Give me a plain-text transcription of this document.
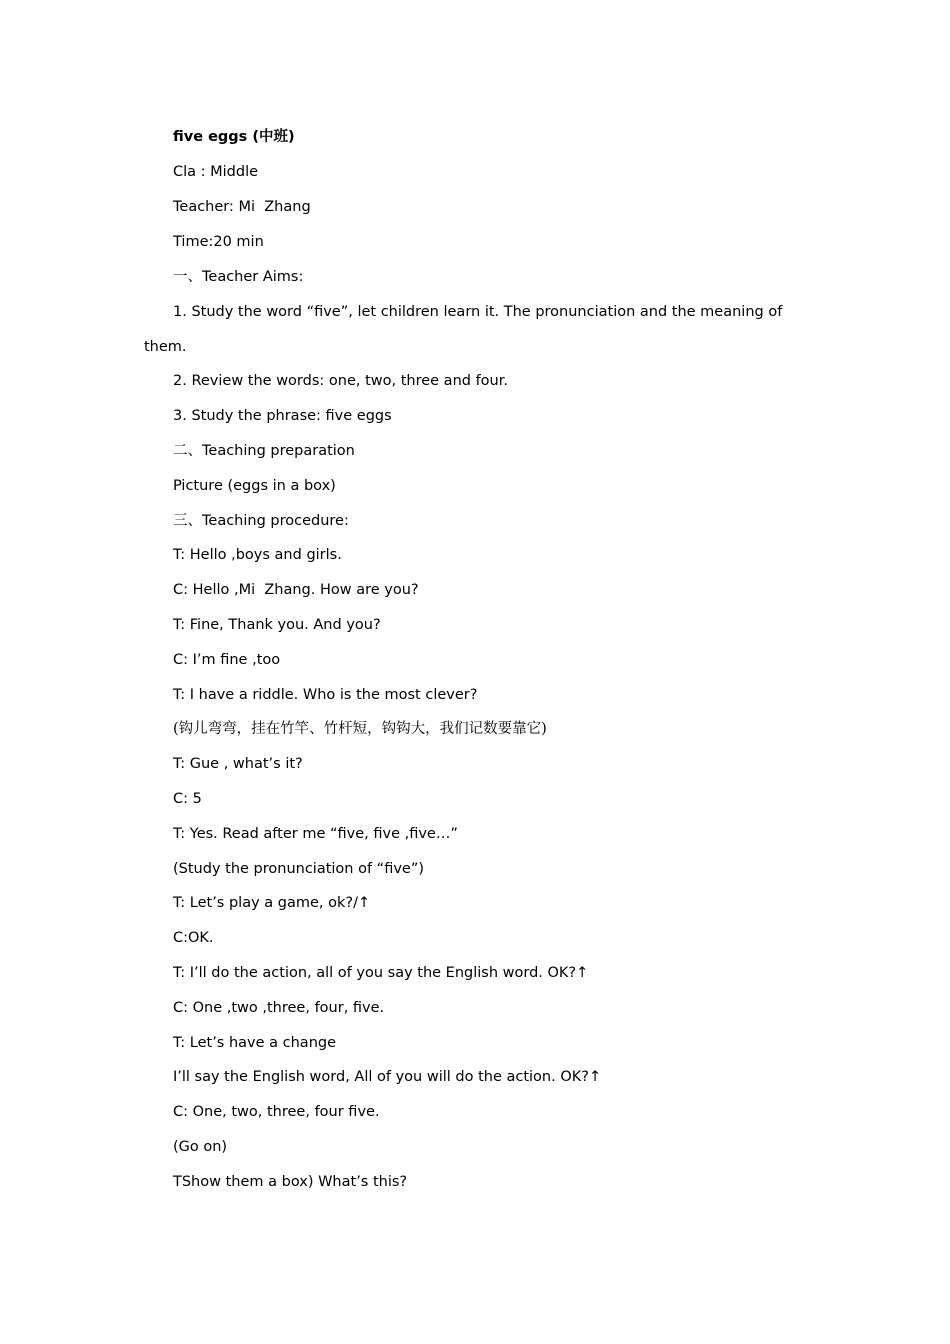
five eggs (中班)
Cla : Middle
Teacher: Mi  Zhang
Time:20 min
一、Teacher Aims:
1. Study the word “five”, let children learn it. The pronunciation and the meaning of
them.
2. Review the words: one, two, three and four.
3. Study the phrase: five eggs
二、Teaching preparation
Picture (eggs in a box)
三、Teaching procedure:
T: Hello ,boys and girls.
C: Hello ,Mi  Zhang. How are you?
T: Fine, Thank you. And you?
C: I’m fine ,too
T: I have a riddle. Who is the most clever?
(钩儿弯弯，挂在竹竿、竹杆短，钩钩大，我们记数要靠它)
T: Gue , what’s it?
C: 5
T: Yes. Read after me “five, five ,five…”
(Study the pronunciation of “five”)
T: Let’s play a game, ok?/↑
C:OK.
T: I’ll do the action, all of you say the English word. OK?↑
C: One ,two ,three, four, five.
T: Let’s have a change
I’ll say the English word, All of you will do the action. OK?↑
C: One, two, three, four five.
(Go on)
TShow them a box) What’s this?
